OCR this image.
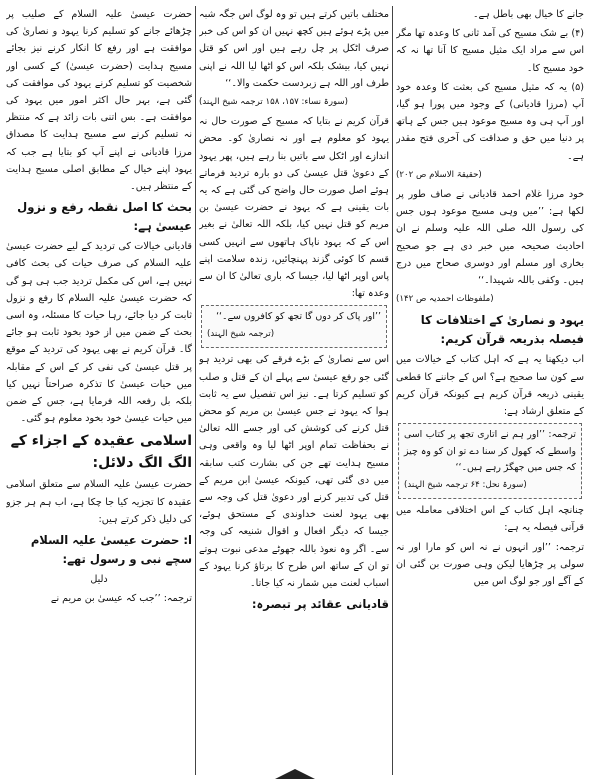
جانے کا خیال بھی باطل ہے۔

(۴) بے شک مسیح کی آمد ثانی کا وعدہ تھا مگر اس سے مراد ایک مثیل مسیح کا آنا تھا نہ کہ خود مسیح کا۔

(۵) یہ کہ مثیل مسیح کی بعثت کا وعدہ خود آپ (مرزا قادیانی) کے وجود میں پورا ہو گیا، اور آپ ہی وہ مسیح موعود ہیں جس کے ہاتھ پر دنیا میں حق و صداقت کی آخری فتح مقدر ہے۔

(حقیقۃ الاسلام ص ۲۰۲)

خود مرزا غلام احمد قادیانی نے صاف طور پر لکھا ہے: ’’میں وہی مسیح موعود ہوں جس کی رسول اللہ صلی اللہ علیہ وسلم نے ان احادیث صحیحہ میں خبر دی ہے جو صحیح بخاری اور مسلم اور دوسری صحاح میں درج ہیں۔ وکفی باللہ شہیدا۔‘‘

(ملفوظات احمدیہ ص ۱۴۲)

یہود و نصاریٰ کے اختلافات کا فیصلہ بذریعہ قرآن کریم:

اب دیکھنا یہ ہے کہ اہل کتاب کے خیالات میں سے کون سا صحیح ہے؟ اس کے جاننے کا قطعی یقینی ذریعہ قرآن کریم ہے کیونکہ قرآن کریم کے متعلق ارشاد ہے:

ترجمہ: ’’اور ہم نے اتاری تجھ پر کتاب اسی واسطے کہ کھول کر سنا دے تو ان کو وہ چیز کہ جس میں جھگڑ رہے ہیں۔‘‘
(سورۃ نحل: ۶۴ ترجمہ شیخ الہند)

چنانچہ اہل کتاب کے اس اختلافی معاملہ میں قرآنی فیصلہ یہ ہے:

ترجمہ: ’’اور انہوں نے نہ اس کو مارا اور نہ سولی پر چڑھایا لیکن وہی صورت بن گئی ان کے آگے اور جو لوگ اس میں

مختلف باتیں کرتے ہیں تو وہ لوگ اس جگہ شبہ میں پڑے ہوئے ہیں کچھ نہیں ان کو اس کی خبر صرف اٹکل پر چل رہے ہیں اور اس کو قتل نہیں کیا، بیشک بلکہ اس کو اٹھا لیا اللہ نے اپنی طرف اور اللہ ہے زبردست حکمت والا۔‘‘

(سورۃ نساء: ۱۵۷، ۱۵۸ ترجمہ شیخ الہند)

قرآن کریم نے بتایا کہ مسیح کے صورت حال نہ یہود کو معلوم ہے اور نہ نصاریٰ کو۔ محض اندازے اور اٹکل سے باتیں بنا رہے ہیں، پھر یہود کے دعویٰ قتل عیسیٰ کی دو بارہ تردید فرماتے ہوئے اصل صورت حال واضح کی گئی ہے کہ یہ بات یقینی ہے کہ یہود نے حضرت عیسیٰ بن مریم کو قتل نہیں کیا، بلکہ اللہ تعالیٰ نے بغیر اس کے کہ یہود ناپاک ہاتھوں سے انہیں کسی قسم کا کوئی گزند پہنچائیں، زندہ سلامت اپنے پاس اوپر اٹھا لیا، جیسا کہ باری تعالیٰ کا ان سے وعدہ تھا:

’’اور پاک کر دوں گا تجھ کو کافروں سے۔‘‘
(ترجمہ شیخ الہند)

اس سے نصاریٰ کے بڑے فرقے کی بھی تردید ہو گئی جو رفع عیسیٰ سے پہلے ان کے قتل و صلب کو تسلیم کرتا ہے۔ نیز اس تفصیل سے یہ ثابت ہوا کہ یہود نے جس عیسیٰ بن مریم کو محض قتل کرنے کی کوشش کی اور جسے اللہ تعالیٰ نے بحفاظت تمام اوپر اٹھا لیا وہ واقعی وہی مسیح ہدایت تھے جن کی بشارت کتب سابقہ میں دی گئی تھی، کیونکہ عیسیٰ ابن مریم کے قتل کی تدبیر کرنے اور دعویٰ قتل کی وجہ سے بھی یہود لعنت خداوندی کے مستحق ہوئے، جیسا کہ دیگر افعال و اقوال شنیعہ کی وجہ سے۔ اگر وہ نعوذ باللہ جھوٹے مدعی نبوت ہوتے تو ان کے ساتھ اس طرح کا برتاؤ کرنا یہود کے اسباب لعنت میں شمار نہ کیا جاتا۔

قادیانی عقائد پر تبصرہ:

حضرت عیسیٰ علیہ السلام کے صلیب پر چڑھائے جانے کو تسلیم کرنا یہود و نصاریٰ کی موافقت ہے اور رفع کا انکار کرنے نیز بجائے مسیح ہدایت (حضرت عیسیٰ) کے کسی اور شخصیت کو تسلیم کرنے یہود کی موافقت کی گئی ہے، بہر حال اکثر امور میں یہود کی موافقت ہے۔ بس اتنی بات زائد ہے کہ منتظر نہ تسلیم کرنے سے مسیح ہدایت کا مصداق مرزا قادیانی نے اپنے آپ کو بتایا ہے جب کہ یہود اپنے خیال کے مطابق اصلی مسیح ہدایت کے منتظر ہیں۔

بحث کا اصل نقطہ رفع و نزول عیسیٰ ہے:

قادیانی خیالات کی تردید کے لیے حضرت عیسیٰ علیہ السلام کی صرف حیات کی بحث کافی نہیں ہے، اس کی مکمل تردید جب ہی ہو گی کہ حضرت عیسیٰ علیہ السلام کا رفع و نزول ثابت کر دیا جائے، رہا حیات کا مسئلہ، وہ اسی بحث کے ضمن میں از خود بخود ثابت ہو جائے گا۔ قرآن کریم نے بھی یہود کی تردید کے موقع پر قتل عیسیٰ کی نفی کر کے اس کے مقابلہ میں حیات عیسیٰ کا تذکرہ صراحتاً نہیں کیا بلکہ بل رفعہ اللہ فرمایا ہے، جس کے ضمن میں حیات عیسیٰ خود بخود معلوم ہو گئی۔

اسلامی عقیدہ کے اجزاء کے الگ الگ دلائل:

حضرت عیسیٰ علیہ السلام سے متعلق اسلامی عقیدہ کا تجزیہ کیا جا چکا ہے، اب ہم ہر جزو کی دلیل ذکر کرتے ہیں:

ا: حضرت عیسیٰ علیہ السلام سچے نبی و رسول تھے:

دلیل

ترجمہ: ’’جب کہ عیسیٰ بن مریم نے
